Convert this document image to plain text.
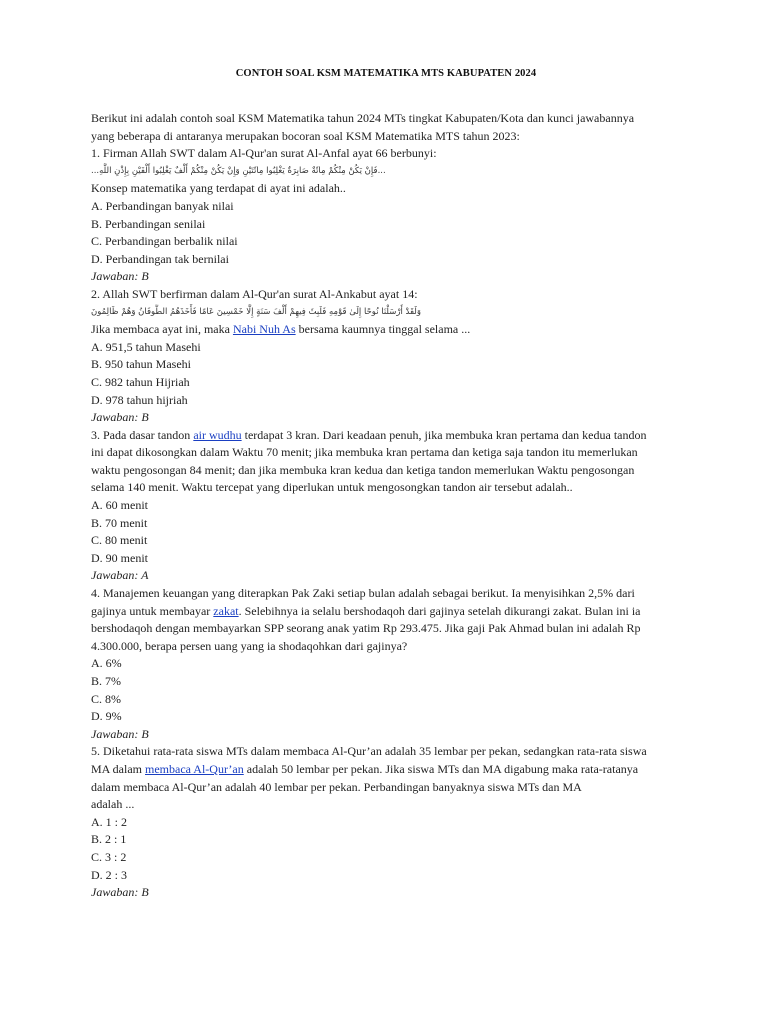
CONTOH SOAL KSM MATEMATIKA MTS KABUPATEN 2024
Berikut ini adalah contoh soal KSM Matematika tahun 2024 MTs tingkat Kabupaten/Kota dan kunci jawabannya
yang beberapa di antaranya merupakan bocoran soal KSM Matematika MTS tahun 2023:
1. Firman Allah SWT dalam Al-Qur'an surat Al-Anfal ayat 66 berbunyi:
...فَإِنْ يَكُنْ مِنْكُمْ مِائَةٌ صَابِرَةٌ يَغْلِبُوا مِائَتَيْنِ وَإِنْ يَكُنْ مِنْكُمْ أَلْفٌ يَغْلِبُوا أَلْفَيْنِ بِإِذْنِ اللَّهِ...
Konsep matematika yang terdapat di ayat ini adalah..
A. Perbandingan banyak nilai
B. Perbandingan senilai
C. Perbandingan berbalik nilai
D. Perbandingan tak bernilai
Jawaban: B
2. Allah SWT berfirman dalam Al-Qur'an surat Al-Ankabut ayat 14:
وَلَقَدْ أَرْسَلْنَا نُوحًا إِلَىٰ قَوْمِهِ فَلَبِثَ فِيهِمْ أَلْفَ سَنَةٍ إِلَّا خَمْسِينَ عَامًا فَأَخَذَهُمُ الطُّوفَانُ وَهُمْ ظَالِمُونَ
Jika membaca ayat ini, maka Nabi Nuh As bersama kaumnya tinggal selama ...
A. 951,5 tahun Masehi
B. 950 tahun Masehi
C. 982 tahun Hijriah
D. 978 tahun hijriah
Jawaban: B
3. Pada dasar tandon air wudhu terdapat 3 kran. Dari keadaan penuh, jika membuka kran pertama dan kedua tandon
ini dapat dikosongkan dalam Waktu 70 menit; jika membuka kran pertama dan ketiga saja tandon itu memerlukan
waktu pengosongan 84 menit; dan jika membuka kran kedua dan ketiga tandon memerlukan Waktu pengosongan
selama 140 menit. Waktu tercepat yang diperlukan untuk mengosongkan tandon air tersebut adalah..
A. 60 menit
B. 70 menit
C. 80 menit
D. 90 menit
Jawaban: A
4. Manajemen keuangan yang diterapkan Pak Zaki setiap bulan adalah sebagai berikut. Ia menyisihkan 2,5% dari
gajinya untuk membayar zakat. Selebihnya ia selalu bershodaqoh dari gajinya setelah dikurangi zakat. Bulan ini ia
bershodaqoh dengan membayarkan SPP seorang anak yatim Rp 293.475. Jika gaji Pak Ahmad bulan ini adalah Rp
4.300.000, berapa persen uang yang ia shodaqohkan dari gajinya?
A. 6%
B. 7%
C. 8%
D. 9%
Jawaban: B
5. Diketahui rata-rata siswa MTs dalam membaca Al-Qur’an adalah 35 lembar per pekan, sedangkan rata-rata siswa
MA dalam membaca Al-Qur’an adalah 50 lembar per pekan. Jika siswa MTs dan MA digabung maka rata-ratanya
dalam membaca Al-Qur’an adalah 40 lembar per pekan. Perbandingan banyaknya siswa MTs dan MA
adalah ...
A. 1 : 2
B. 2 : 1
C. 3 : 2
D. 2 : 3
Jawaban: B
